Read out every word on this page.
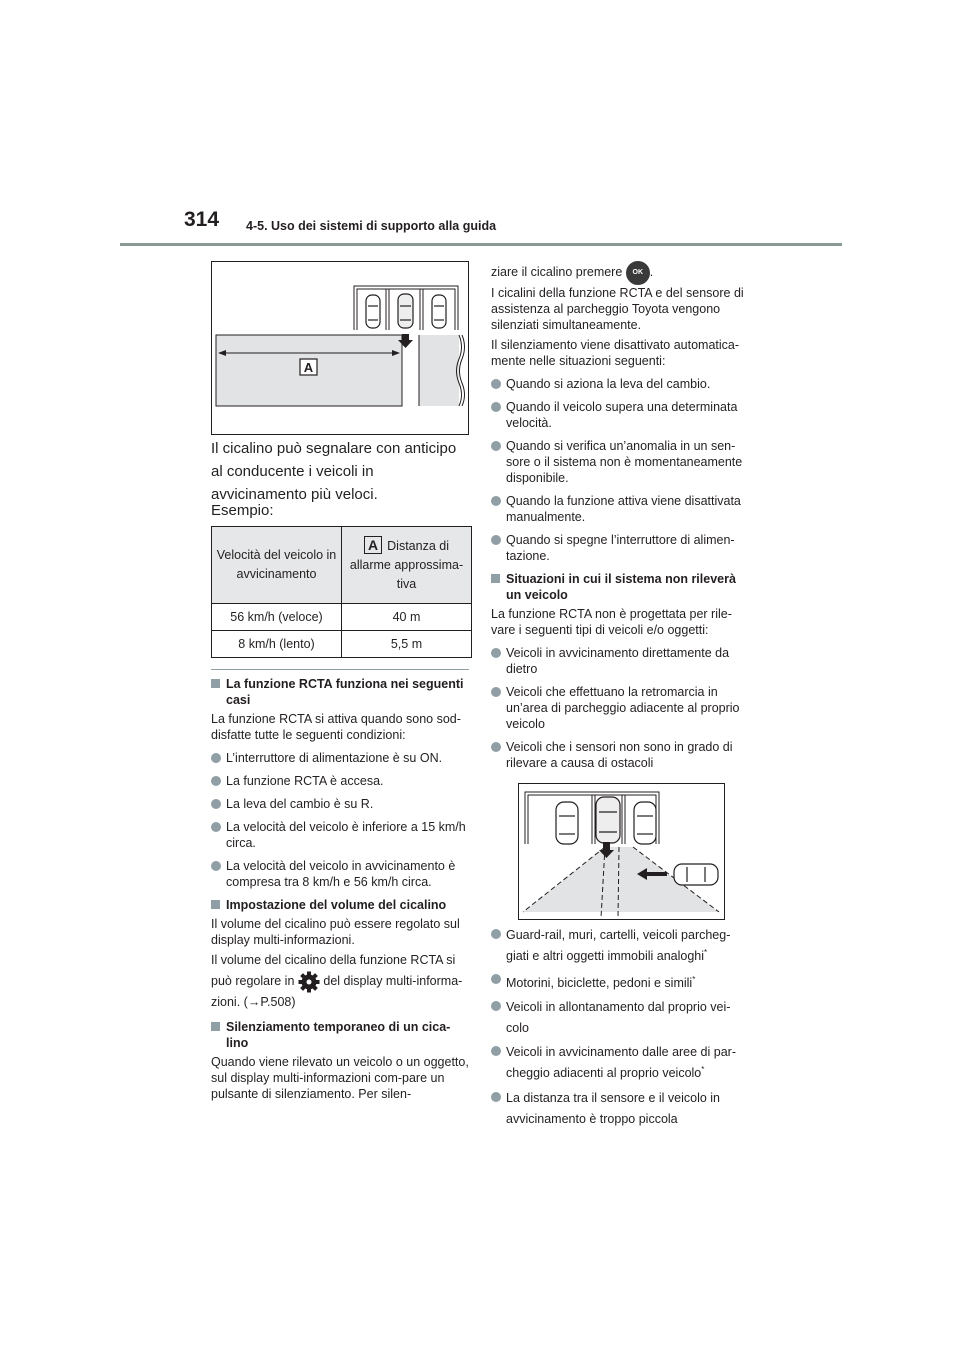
314 4-5. Uso dei sistemi di supporto alla guida
A
Il cicalino può segnalare con anticipo al conducente i veicoli in avvicinamento più veloci.
Esempio:
Velocità del veicolo in avvicinamento	A Distanza di allarme approssima-tiva
56 km/h (veloce)	40 m
8 km/h (lento)	5,5 m
La funzione RCTA funziona nei seguenti casi
La funzione RCTA si attiva quando sono sod-disfatte tutte le seguenti condizioni:
L’interruttore di alimentazione è su ON.
La funzione RCTA è accesa.
La leva del cambio è su R.
La velocità del veicolo è inferiore a 15 km/h circa.
La velocità del veicolo in avvicinamento è compresa tra 8 km/h e 56 km/h circa.
Impostazione del volume del cicalino
Il volume del cicalino può essere regolato sul display multi-informazioni.
Il volume del cicalino della funzione RCTA si
può regolare in del display multi-informa-
zioni. (→P.508)
Silenziamento temporaneo di un cica-lino
Quando viene rilevato un veicolo o un oggetto, sul display multi-informazioni com-pare un pulsante di silenziamento. Per silen-
ziare il cicalino premere OK .
I cicalini della funzione RCTA e del sensore di assistenza al parcheggio Toyota vengono silenziati simultaneamente.
Il silenziamento viene disattivato automatica-mente nelle situazioni seguenti:
Quando si aziona la leva del cambio.
Quando il veicolo supera una determinata velocità.
Quando si verifica un’anomalia in un sen-sore o il sistema non è momentaneamente disponibile.
Quando la funzione attiva viene disattivata manualmente.
Quando si spegne l’interruttore di alimen-tazione.
Situazioni in cui il sistema non rileverà un veicolo
La funzione RCTA non è progettata per rile-vare i seguenti tipi di veicoli e/o oggetti:
Veicoli in avvicinamento direttamente da dietro
Veicoli che effettuano la retromarcia in un’area di parcheggio adiacente al proprio veicolo
Veicoli che i sensori non sono in grado di rilevare a causa di ostacoli
Guard-rail, muri, cartelli, veicoli parcheg-giati e altri oggetti immobili analoghi*
Motorini, biciclette, pedoni e simili*
Veicoli in allontanamento dal proprio vei-colo
Veicoli in avvicinamento dalle aree di par-cheggio adiacenti al proprio veicolo*
La distanza tra il sensore e il veicolo in avvicinamento è troppo piccola
